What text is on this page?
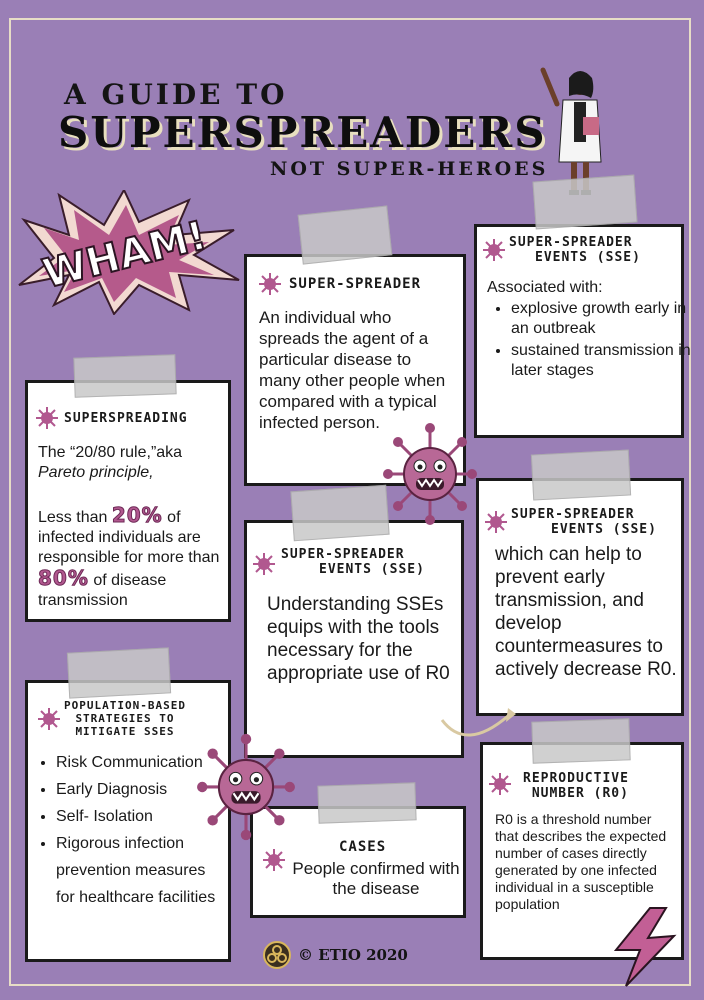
A GUIDE TO
SUPERSPREADERS
NOT SUPER-HEROES
WHAM!	SUPER-SPREADER
An individual who spreads the agent of a particular disease to many other people when compared with a typical infected person.
SUPER-SPREADER
EVENTS (SSE)
Associated with:
• explosive growth early in an outbreak
• sustained transmission in later stages
SUPERSPREADING
The “20/80 rule,”aka
Pareto principle,
Less than 20% of
infected individuals are responsible for more than 80% of disease transmission
SUPER-SPREADER
EVENTS (SSE)
Understanding SSEs equips with the tools necessary for the appropriate use of R0
SUPER-SPREADER
EVENTS (SSE)
which can help to prevent early transmission, and develop countermeasures to actively decrease R0.
POPULATION-BASED
STRATEGIES TO
MITIGATE SSES
• Risk Communication
• Early Diagnosis
• Self- Isolation
• Rigorous infection prevention measures for healthcare facilities
CASES
People confirmed with the disease
REPRODUCTIVE
NUMBER (R0)
R0 is a threshold number that describes the expected number of cases directly generated by one infected individual in a susceptible population
© ETIO 2020
